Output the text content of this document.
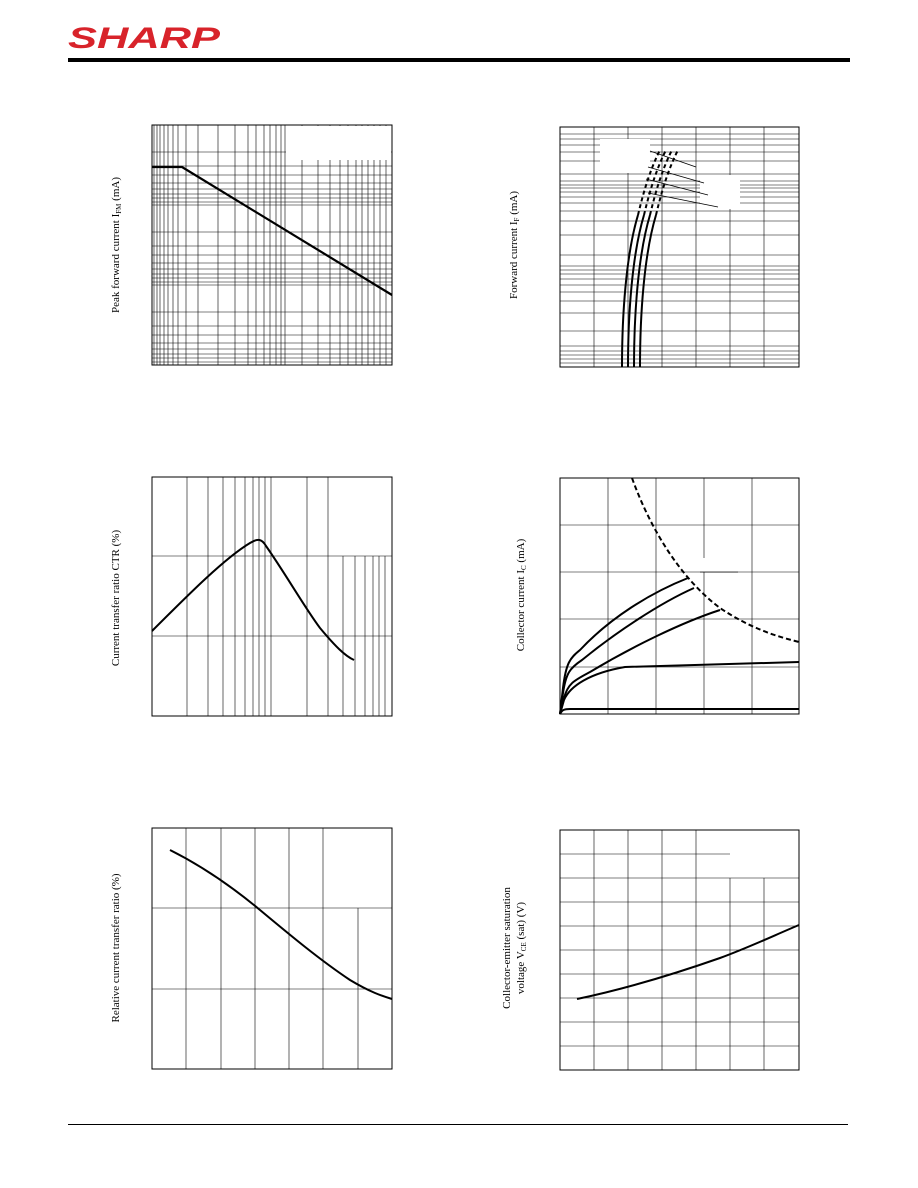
SHARP
Peak forward current IFM (mA)
Forward current IF (mA)
Current transfer ratio CTR (%)	Collector current IC (mA)
Relative current transfer ratio (%)	Collector-emitter saturation voltage VCE (sat) (V)
